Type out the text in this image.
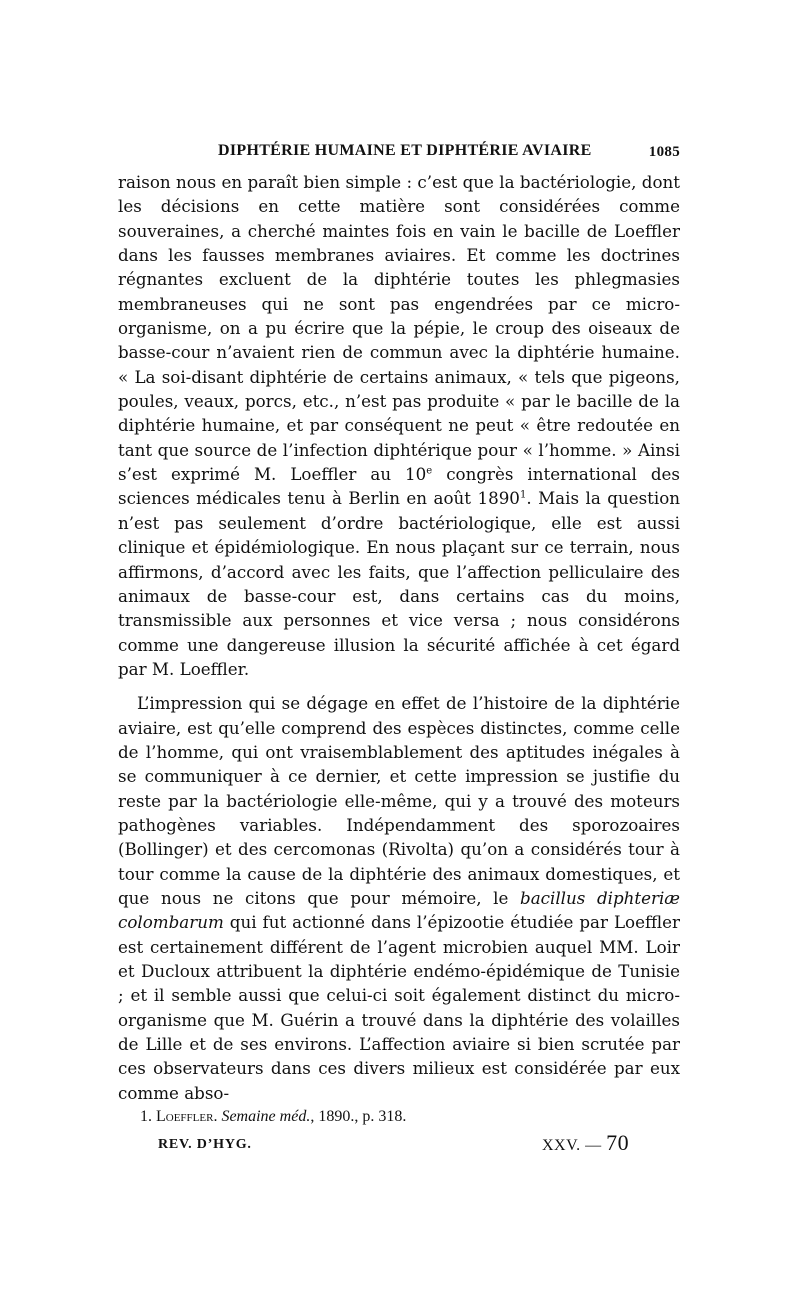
DIPHTÉRIE HUMAINE ET DIPHTÉRIE AVIAIRE	1085

raison nous en paraît bien simple : c’est que la bactériologie, dont les décisions en cette matière sont considérées comme souveraines, a cherché maintes fois en vain le bacille de Loeffler dans les fausses membranes aviaires. Et comme les doctrines régnantes excluent de la diphtérie toutes les phlegmasies membraneuses qui ne sont pas engendrées par ce micro-organisme, on a pu écrire que la pépie, le croup des oiseaux de basse-cour n’avaient rien de commun avec la diphtérie humaine. « La soi-disant diphtérie de certains animaux, « tels que pigeons, poules, veaux, porcs, etc., n’est pas produite « par le bacille de la diphtérie humaine, et par conséquent ne peut « être redoutée en tant que source de l’infection diphtérique pour « l’homme. » Ainsi s’est exprimé M. Loeffler au 10e congrès international des sciences médicales tenu à Berlin en août 1890$^1$. Mais la question n’est pas seulement d’ordre bactériologique, elle est aussi clinique et épidémiologique. En nous plaçant sur ce terrain, nous affirmons, d’accord avec les faits, que l’affection pelliculaire des animaux de basse-cour est, dans certains cas du moins, transmissible aux personnes et vice versa ; nous considérons comme une dangereuse illusion la sécurité affichée à cet égard par M. Loeffler.

L’impression qui se dégage en effet de l’histoire de la diphtérie aviaire, est qu’elle comprend des espèces distinctes, comme celle de l’homme, qui ont vraisemblablement des aptitudes inégales à se communiquer à ce dernier, et cette impression se justifie du reste par la bactériologie elle-même, qui y a trouvé des moteurs pathogènes variables. Indépendamment des sporozoaires (Bollinger) et des cercomonas (Rivolta) qu’on a considérés tour à tour comme la cause de la diphtérie des animaux domestiques, et que nous ne citons que pour mémoire, le bacillus diphteriæ colombarum qui fut actionné dans l’épizootie étudiée par Loeffler est certainement différent de l’agent microbien auquel MM. Loir et Ducloux attribuent la diphtérie endémo-épidémique de Tunisie ; et il semble aussi que celui-ci soit également distinct du micro-organisme que M. Guérin a trouvé dans la diphtérie des volailles de Lille et de ses environs. L’affection aviaire si bien scrutée par ces observateurs dans ces divers milieux est considérée par eux comme abso-

1. Loeffler. Semaine méd., 1890., p. 318.
REV. D’HYG.	XXV. — 70
